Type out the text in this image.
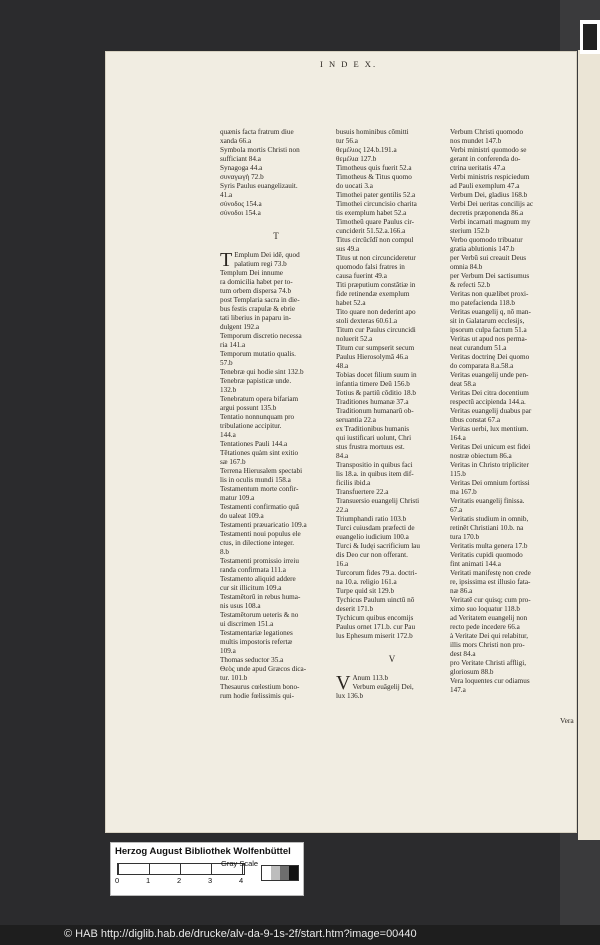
I N D E X.

quænis facta fratrum diue

xanda 66.a

Symbola mortis Christi non

sufficiant 84.a

Synagoga 44.a

συναγωγὴ 72.b

Syris Paulus euangelizauit.

41.a

σύνοδος 154.a

σύνοδοι 154.a

T

T Emplum Dei idē, quod

palatium regi 73.b

Templum Dei innume

ra domicilia habet per to-

tum orbem dispersa 74.b

post Templaria sacra in die-

bus festis crapulæ & ebrie

tati liberius in paparu in-

dulgent 192.a

Temporum discretio necessa

ria 141.a

Temporum mutatio qualis.

57.b

Tenebræ qui hodie sint 132.b

Tenebræ papisticæ unde.

132.b

Tenebratum opera bifariam

argui possunt 135.b

Tentatio nonnunquam pro

tribulatione accipitur.

144.a

Tentationes Pauli 144.a

Tētationes quàm sint exitio

sæ 167.b

Terrena Hierusalem spectabi

lis in oculis mundi 158.a

Testamentum morte confir-

matur 109.a

Testamenti confirmatio quã

do ualeat 109.a

Testamenti præuaricatio 109.a

Testamenti noui populus ele

ctus, in dilectione integer.

8.b

Testamenti promissio irreiu

randa confirmata 111.a

Testamento aliquid addere

cur sit illicitum 109.a

Testamētorū in rebus huma-

nis usus 108.a

Testamētorum ueteris & no

ui discrimen 151.a

Testamentariæ legationes

multis impostoris refertæ

109.a

Thomas seductor 35.a

Θεὸς unde apud Græcos dica-

tur. 101.b

Thesaurus cœlestium bono-

rum hodie fœlissimis qui-

busuis hominibus cōmitti

tur 56.a

θεμέλιος 124.b.191.a

θεμέλια 127.b

Timotheus quis fuerit 52.a

Timotheus & Titus quomo

do uocati 3.a

Timothei pater gentilis 52.a

Timothei circuncisio charita

tis exemplum habet 52.a

Timotheū quare Paulus cir-

cunciderit 51.52.a.166.a

Titus circūcīdī non compul

sus 49.a

Titus ut non circuncideretur

quomodo falsi fratres in

causa fuerint 49.a

Titi præputium constātiæ in

fide retinendæ exemplum

habet 52.a

Tito quare non dederint apo

stoli dexteras 60.61.a

Titum cur Paulus circuncidi

noluerit 52.a

Titum cur sumpserit secum

Paulus Hierosolymā 46.a

48.a

Tobias docet filium suum in

infantia timere Deū 156.b

Totius & partiū cōditio 18.b

Traditiones humanæ 37.a

Traditionum humanarū ob-

seruantia 22.a

ex Traditionibus humanis

qui iustificari uolunt, Chri

stus frustra mortuus est.

84.a

Transpositio in quibus faci

lis 18.a. in quibus item dif-

ficilis ibid.a

Transfuertere 22.a

Transuersio euangelij Christi

22.a

Triumphandi ratio 103.b

Turci cuiusdam præfecti de

euangelio iudicium 100.a

Turci & Iudęi sacrificium lau

dis Deo cur non offerant.

16.a

Turcorum fides 79.a. doctri-

na 10.a. religio 161.a

Turpe quid sit 129.b

Tychicus Paulum uinctū nō

deserit 171.b

Tychicum quibus encomijs

Paulus ornet 171.b. cur Pau

lus Ephesum miserit 172.b

V

V Anum 113.b

Verbum euāgelij Dei,

lux 136.b

Verbum Christi quomodo

nos mundet 147.b

Verbi ministri quomodo se

gerant in conferenda do-

ctrina ueritatis 47.a

Verbi ministris respiciedum

ad Pauli exemplum 47.a

Verbum Dei, gladius 168.b

Verbi Dei ueritas concilijs ac

decretis præponenda 86.a

Verbi incarnati magnum my

sterium 152.b

Verbo quomodo tribuatur

gratia ablutionis 147.b

per Verbū sui creauit Deus

omnia 84.b

per Verbum Dei sactisumus

& refecti 52.b

Veritas non quælibet proxi-

mo patefacienda 118.b

Veritas euangelij q, nō man-

sit in Galatarum ecclesijs,

ipsorum culpa factum 51.a

Veritas ut apud nos perma-

neat curandum 51.a

Veritas doctrinę Dei quomo

do comparata 8.a.58.a

Veritas euangelij unde pen-

deat 58.a

Veritas Dei citra docentium

respectū accipienda 144.a.

Veritas euangelij duabus par

tibus constat 67.a

Veritas uerbi, lux mentium.

164.a

Veritas Dei unicum est fidei

nostræ obiectum 86.a

Veritas in Christo tripliciter

115.b

Veritas Dei omnium fortissi

ma 167.b

Veritatis euangelij finissa.

67.a

Veritatis studium in omnib,

retinēt Christiani 10.b. na

tura 170.b

Veritatis multa genera 17.b

Veritatis cupidi quomodo

fint animati 144.a

Veritati manifestę non crede

re, ipsissima est illusio fata-

næ 86.a

Veritatē cur quisq; cum pro-

ximo suo loquatur 118.b

ad Veritatem euangelij non

recto pede incedere 66.a

à Veritate Dei qui relabitur,

illis mors Christi non pro-

dest 84.a

pro Veritate Christi affligi,

gloriosum 88.b

Vera loquentes cur odiamus

147.a

Vera
Herzog August Bibliothek Wolfenbüttel
0	1	2	3	4
Gray Scale
© HAB http://diglib.hab.de/drucke/alv-da-9-1s-2f/start.htm?image=00440
